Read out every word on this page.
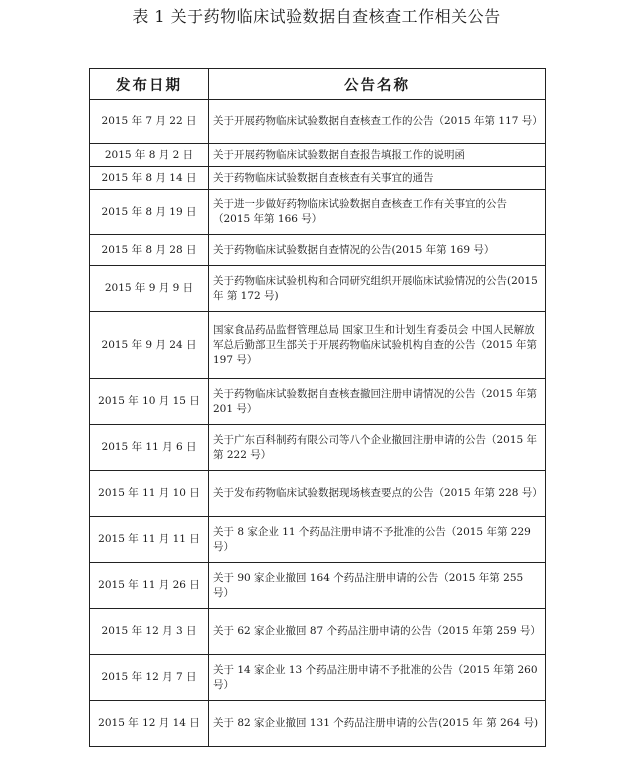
表 1 关于药物临床试验数据自查核查工作相关公告
发布日期	公告名称
2015 年 7 月 22 日	关于开展药物临床试验数据自查核查工作的公告（2015 年第 117 号）
2015 年 8 月 2 日	关于开展药物临床试验数据自查报告填报工作的说明函
2015 年 8 月 14 日	关于药物临床试验数据自查核查有关事宜的通告
2015 年 8 月 19 日	关于进一步做好药物临床试验数据自查核查工作有关事宜的公告（2015 年第 166 号）
2015 年 8 月 28 日	关于药物临床试验数据自查情况的公告(2015 年第 169 号）
2015 年 9 月 9 日	关于药物临床试验机构和合同研究组织开展临床试验情况的公告(2015 年 第 172 号)
2015 年 9 月 24 日	国家食品药品监督管理总局 国家卫生和计划生育委员会 中国人民解放军总后勤部卫生部关于开展药物临床试验机构自查的公告（2015 年第 197 号）
2015 年 10 月 15 日	关于药物临床试验数据自查核查撤回注册申请情况的公告（2015 年第 201 号）
2015 年 11 月 6 日	关于广东百科制药有限公司等八个企业撤回注册申请的公告（2015 年第 222 号）
2015 年 11 月 10 日	关于发布药物临床试验数据现场核查要点的公告（2015 年第 228 号）
2015 年 11 月 11 日	关于 8 家企业 11 个药品注册申请不予批准的公告（2015 年第 229 号）
2015 年 11 月 26 日	关于 90 家企业撤回 164 个药品注册申请的公告（2015 年第 255 号）
2015 年 12 月 3 日	关于 62 家企业撤回 87 个药品注册申请的公告（2015 年第 259 号）
2015 年 12 月 7 日	关于 14 家企业 13 个药品注册申请不予批准的公告（2015 年第 260 号）
2015 年 12 月 14 日	关于 82 家企业撤回 131 个药品注册申请的公告(2015 年 第 264 号)
